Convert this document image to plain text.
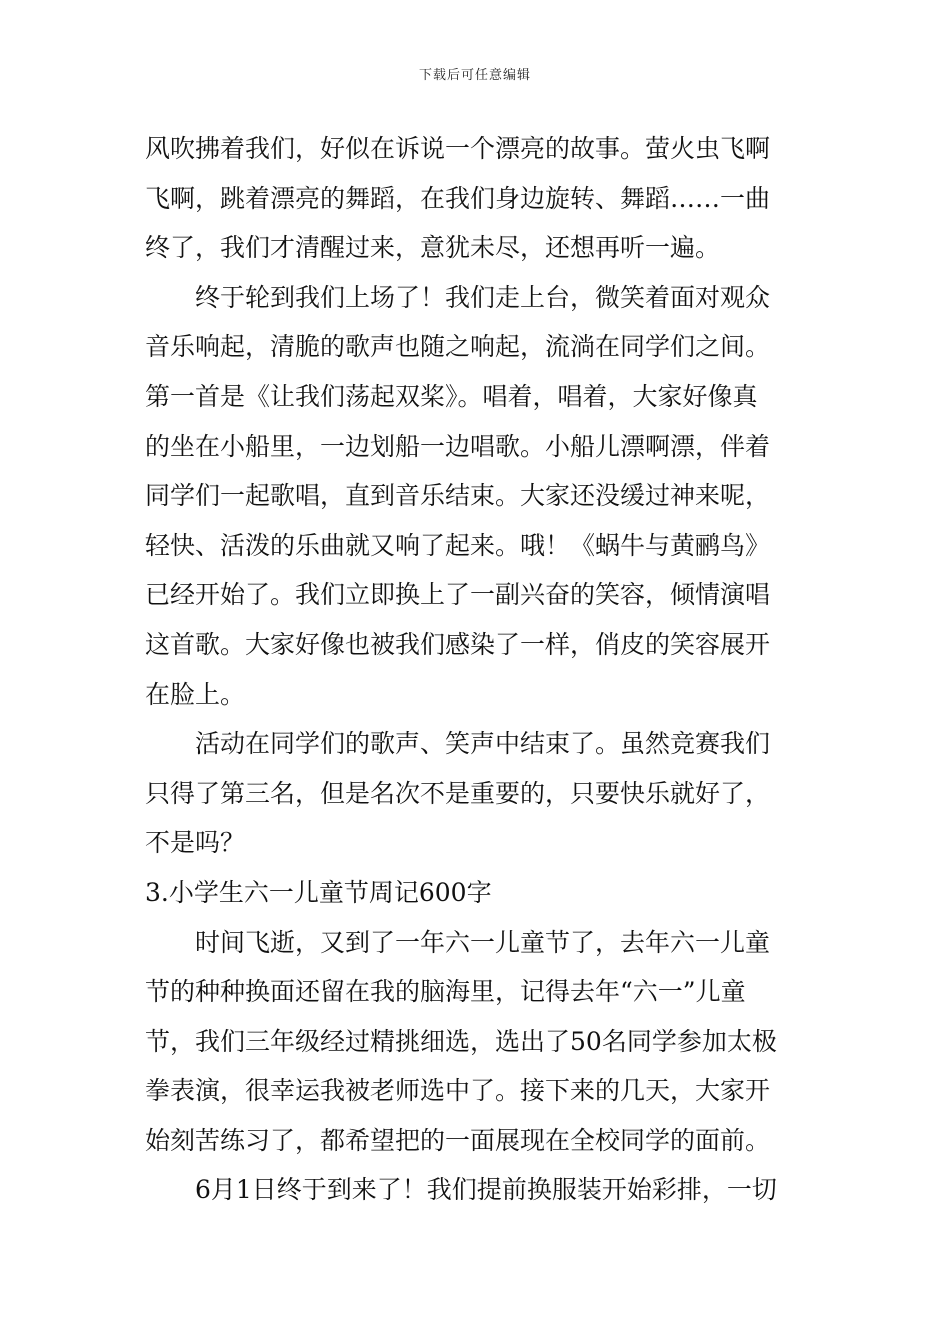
下载后可任意编辑
风吹拂着我们，好似在诉说一个漂亮的故事。萤火虫飞啊
飞啊，跳着漂亮的舞蹈，在我们身边旋转、舞蹈……一曲
终了，我们才清醒过来，意犹未尽，还想再听一遍。
终于轮到我们上场了！我们走上台，微笑着面对观众
音乐响起，清脆的歌声也随之响起，流淌在同学们之间。
第一首是《让我们荡起双桨》。唱着，唱着，大家好像真
的坐在小船里，一边划船一边唱歌。小船儿漂啊漂，伴着
同学们一起歌唱，直到音乐结束。大家还没缓过神来呢，
轻快、活泼的乐曲就又响了起来。哦！《蜗牛与黄鹂鸟》
已经开始了。我们立即换上了一副兴奋的笑容，倾情演唱
这首歌。大家好像也被我们感染了一样，俏皮的笑容展开
在脸上。
活动在同学们的歌声、笑声中结束了。虽然竞赛我们
只得了第三名，但是名次不是重要的，只要快乐就好了，
不是吗？
3.小学生六一儿童节周记600字
时间飞逝，又到了一年六一儿童节了，去年六一儿童
节的种种换面还留在我的脑海里，记得去年“六一”儿童
节，我们三年级经过精挑细选，选出了50名同学参加太极
拳表演，很幸运我被老师选中了。接下来的几天，大家开
始刻苦练习了，都希望把的一面展现在全校同学的面前。
6月1日终于到来了！我们提前换服装开始彩排，一切
